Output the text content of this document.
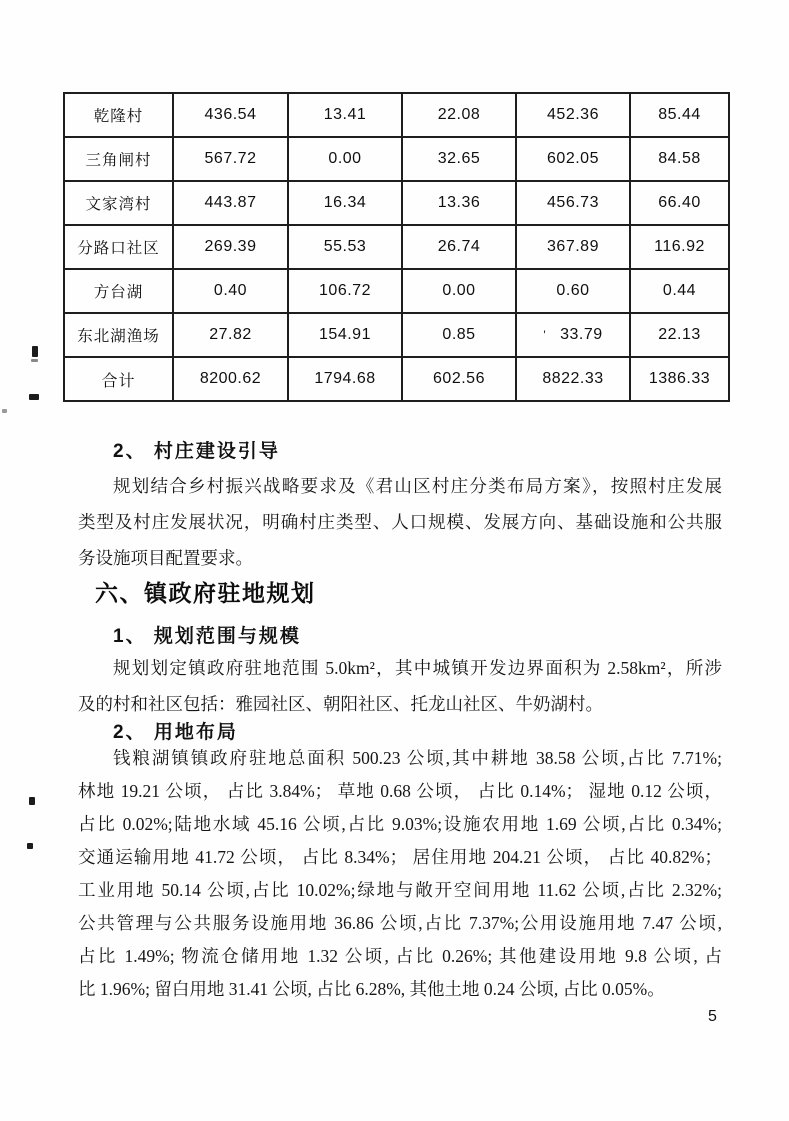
乾隆村	436.54	13.41	22.08	452.36	85.44
三角闸村	567.72	0.00	32.65	602.05	84.58
文家湾村	443.87	16.34	13.36	456.73	66.40
分路口社区	269.39	55.53	26.74	367.89	116.92
方台湖	0.40	106.72	0.00	0.60	0.44
东北湖渔场	27.82	154.91	0.85	' 33.79	22.13
合计	8200.62	1794.68	602.56	8822.33	1386.33
2、 村庄建设引导
规划结合乡村振兴战略要求及《君山区村庄分类布局方案》，按照村庄发展
类型及村庄发展状况，明确村庄类型、人口规模、发展方向、基础设施和公共服
务设施项目配置要求。
六、镇政府驻地规划
1、 规划范围与规模
规划划定镇政府驻地范围 5.0km²，其中城镇开发边界面积为 2.58km²，所涉
及的村和社区包括：雅园社区、朝阳社区、托龙山社区、牛奶湖村。
2、 用地布局
钱粮湖镇镇政府驻地总面积 500.23 公顷,其中耕地 38.58 公顷,占比 7.71%;
林地 19.21 公顷， 占比 3.84%； 草地 0.68 公顷， 占比 0.14%； 湿地 0.12 公顷，
占比 0.02%;陆地水域 45.16 公顷,占比 9.03%;设施农用地 1.69 公顷,占比 0.34%;
交通运输用地 41.72 公顷， 占比 8.34%； 居住用地 204.21 公顷， 占比 40.82%；
工业用地 50.14 公顷,占比 10.02%;绿地与敞开空间用地 11.62 公顷,占比 2.32%;
公共管理与公共服务设施用地 36.86 公顷,占比 7.37%;公用设施用地 7.47 公顷,
占比 1.49%; 物流仓储用地 1.32 公顷, 占比 0.26%; 其他建设用地 9.8 公顷, 占
比 1.96%; 留白用地 31.41 公顷, 占比 6.28%, 其他土地 0.24 公顷, 占比 0.05%。
5
